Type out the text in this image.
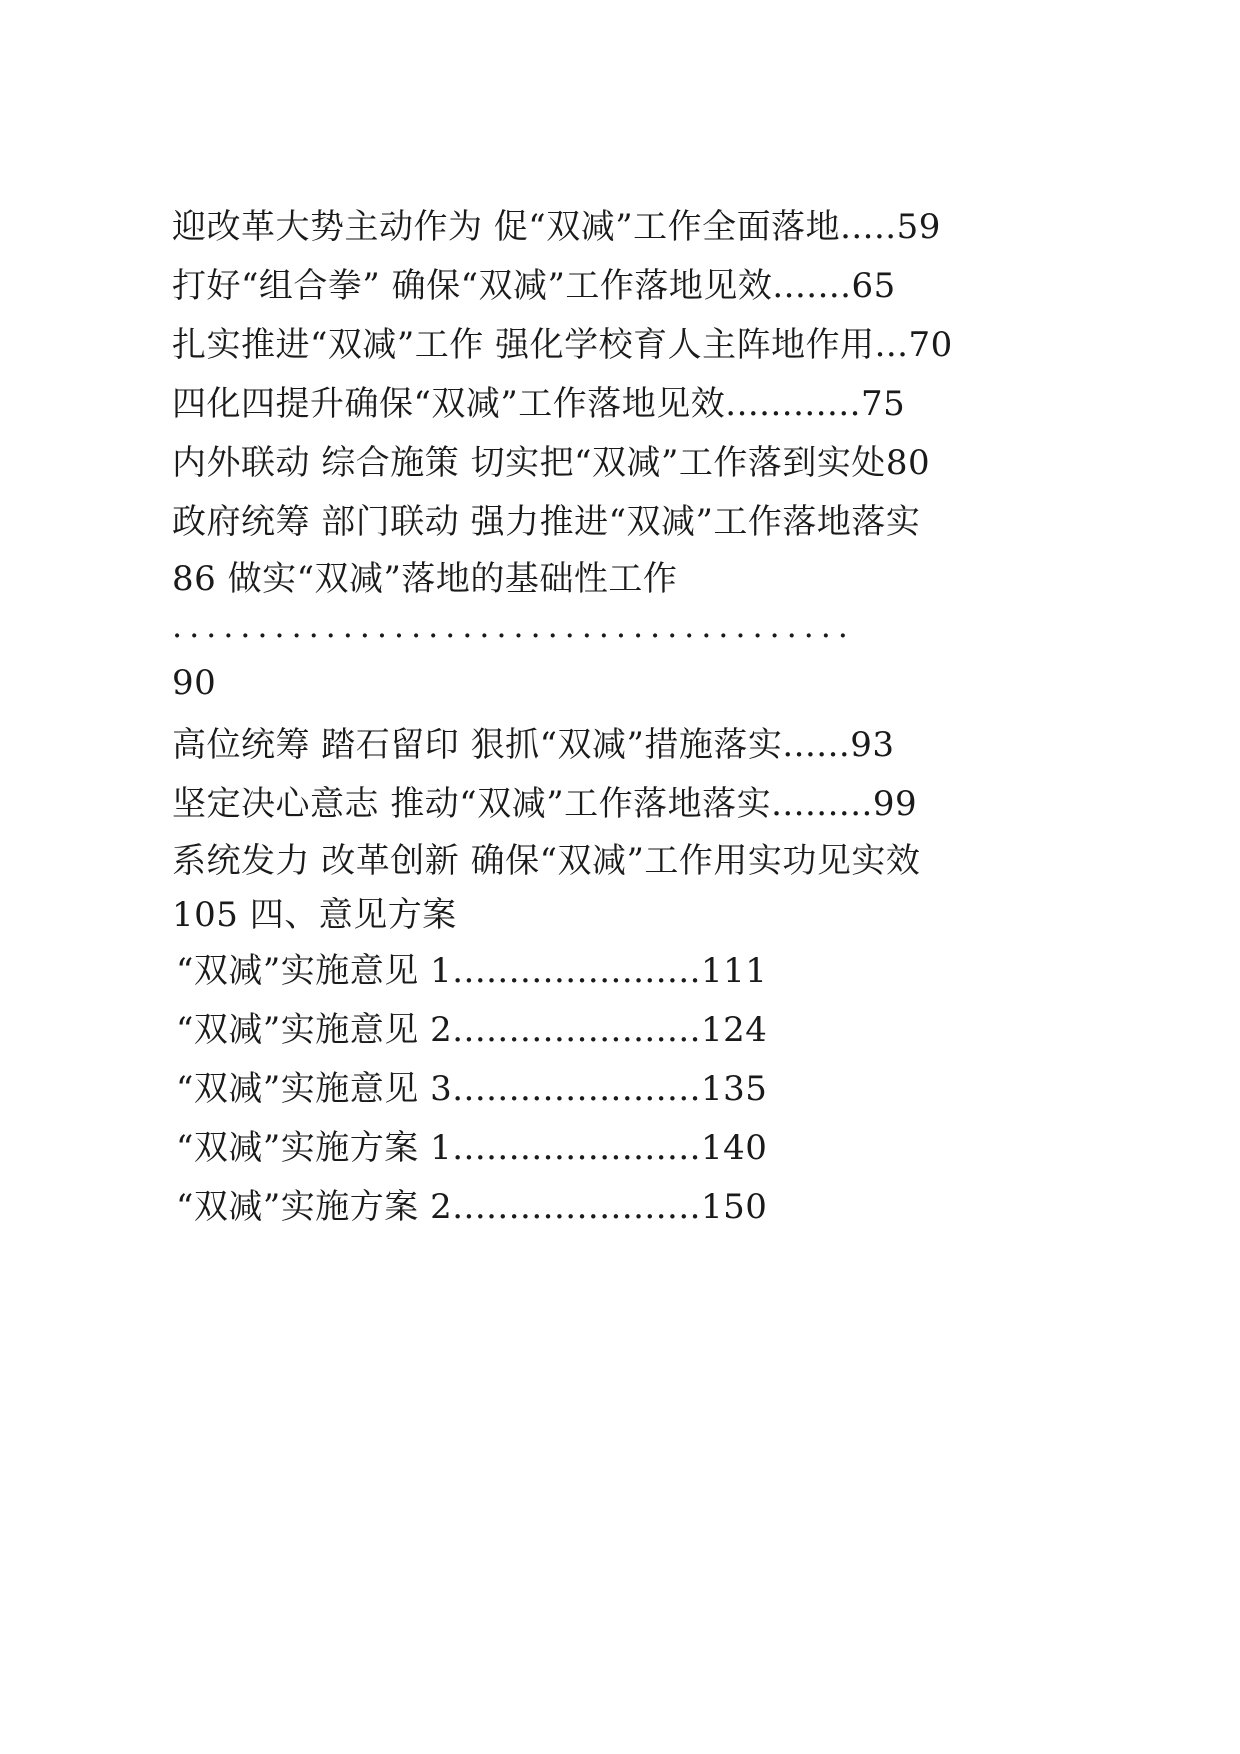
迎改革大势主动作为 促“双减”工作全面落地.....59
打好“组合拳” 确保“双减”工作落地见效.......65
扎实推进“双减”工作 强化学校育人主阵地作用...70
四化四提升确保“双减”工作落地见效............75
内外联动 综合施策 切实把“双减”工作落到实处80
政府统筹 部门联动 强力推进“双减”工作落地落实
86 做实“双减”落地的基础性工作
........................................
90
高位统筹 踏石留印 狠抓“双减”措施落实......93
坚定决心意志 推动“双减”工作落地落实.........99
系统发力 改革创新 确保“双减”工作用实功见实效
105 四、意见方案
“双减”实施意见 1......................111
“双减”实施意见 2......................124
“双减”实施意见 3......................135
“双减”实施方案 1......................140
“双减”实施方案 2......................150
